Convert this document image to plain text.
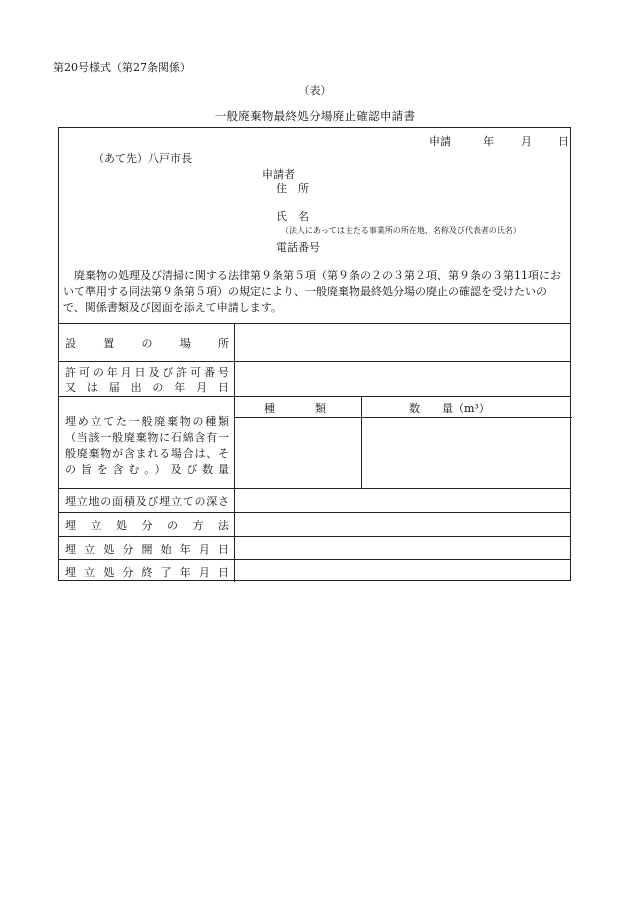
第20号様式（第27条関係）
（表）
一般廃棄物最終処分場廃止確認申請書
申請	年 月 日
（あて先）八戸市長
申請者
住　所
氏　名
（法人にあっては主たる事業所の所在地、名称及び代表者の氏名）
電話番号
廃棄物の処理及び清掃に関する法律第９条第５項（第９条の２の３第２項、第９条の３第11項において準用する同法第９条第５項）の規定により、一般廃棄物最終処分場の廃止の確認を受けたいので、関係書類及び図面を添えて申請します。
設置の場所
許可の年月日及び許可番号
又は届出の年月日
埋め立てた一般廃棄物の種類（当該一般廃棄物に石綿含有一般廃棄物が含まれる場合は、その旨を含む。）及び数量
種類	数　　量（m³）
埋立地の面積及び埋立ての深さ
埋立処分の方法
埋立処分開始年月日
埋立処分終了年月日
